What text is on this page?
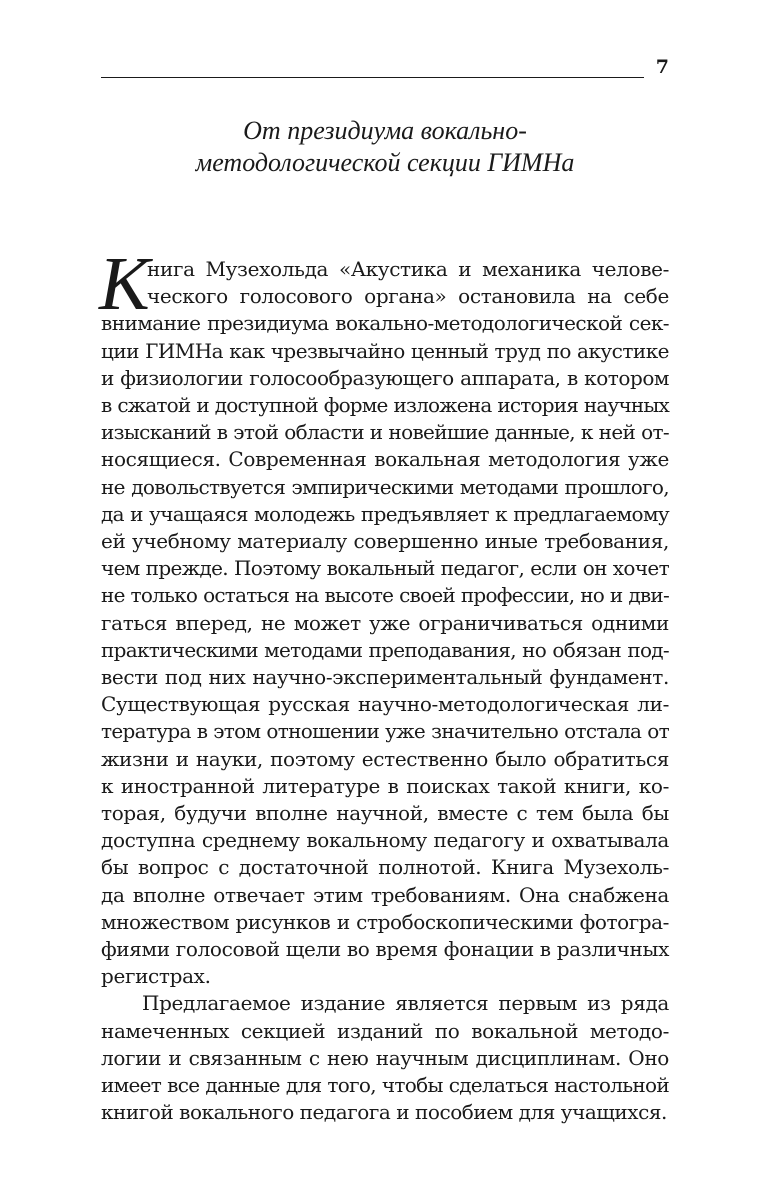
7
От президиума вокально-
методологической секции ГИМНа
К
нига Музехольда «Акустика и механика челове-
ческого голосового органа» остановила на себе
внимание президиума вокально-методологической сек-
ции ГИМНа как чрезвычайно ценный труд по акустике
и физиологии голосообразующего аппарата, в котором
в сжатой и доступной форме изложена история научных
изысканий в этой области и новейшие данные, к ней от-
носящиеся. Современная вокальная методология уже
не довольствуется эмпирическими методами прошлого,
да и учащаяся молодежь предъявляет к предлагаемому
ей учебному материалу совершенно иные требования,
чем прежде. Поэтому вокальный педагог, если он хочет
не только остаться на высоте своей профессии, но и дви-
гаться вперед, не может уже ограничиваться одними
практическими методами преподавания, но обязан под-
вести под них научно-экспериментальный фундамент.
Существующая русская научно-методологическая ли-
тература в этом отношении уже значительно отстала от
жизни и науки, поэтому естественно было обратиться
к иностранной литературе в поисках такой книги, ко-
торая, будучи вполне научной, вместе с тем была бы
доступна среднему вокальному педагогу и охватывала
бы вопрос с достаточной полнотой. Книга Музехоль-
да вполне отвечает этим требованиям. Она снабжена
множеством рисунков и стробоскопическими фотогра-
фиями голосовой щели во время фонации в различных
регистрах.
Предлагаемое издание является первым из ряда
намеченных секцией изданий по вокальной методо-
логии и связанным с нею научным дисциплинам. Оно
имеет все данные для того, чтобы сделаться настольной
книгой вокального педагога и пособием для учащихся.
